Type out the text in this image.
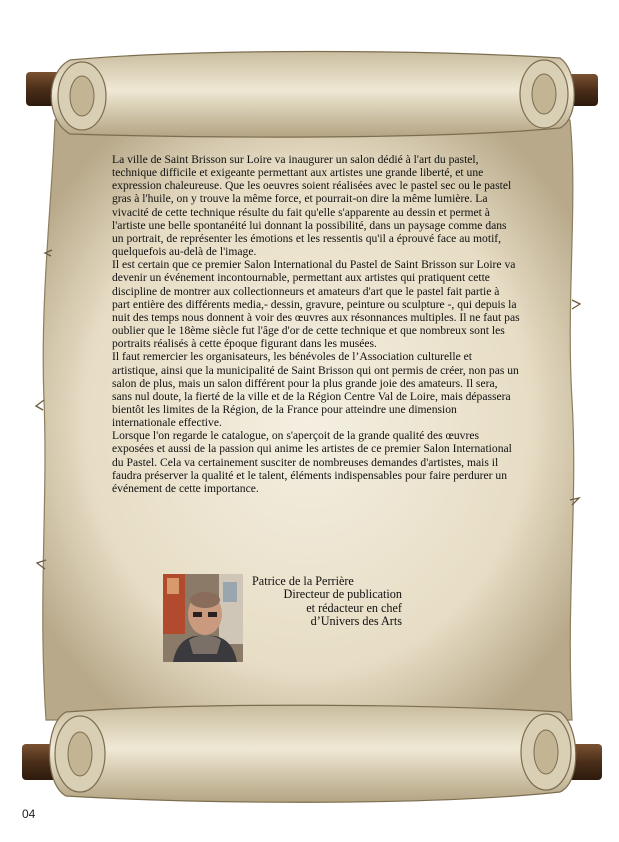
La ville de Saint Brisson sur Loire va inaugurer un salon dédié à l'art du pastel, technique difficile et exigeante permettant aux artistes une grande liberté, et une expression chaleureuse. Que les oeuvres soient réalisées avec le pastel sec ou le pastel gras à l'huile, on y trouve la même force, et pourrait-on dire la même lumière. La vivacité de cette technique résulte du fait qu'elle s'apparente au dessin et permet à l'artiste une belle spontanéité lui donnant la possibilité, dans un paysage comme dans un portrait, de représenter les émotions et les ressentis qu'il a éprouvé face au motif, quelquefois au-delà de l'image.

Il est certain que ce premier Salon International du Pastel de Saint Brisson sur Loire va devenir un événement incontournable, permettant aux artistes qui pratiquent cette discipline de montrer aux collectionneurs et amateurs d'art que le pastel fait partie à part entière des différents media,- dessin, gravure, peinture ou sculpture -, qui depuis la nuit des temps nous donnent à voir des œuvres aux résonnances multiples. Il ne faut pas oublier que le 18ème siècle fut l'âge d'or de cette technique et que nombreux sont les portraits réalisés à cette époque figurant dans les musées.

Il faut remercier les organisateurs, les bénévoles de l’Association culturelle et artistique, ainsi que la municipalité de Saint Brisson qui ont permis de créer, non pas un salon de plus, mais un salon différent pour la plus grande joie des amateurs. Il sera, sans nul doute, la fierté de la ville et de la Région Centre Val de Loire, mais dépassera bientôt les limites de la Région, de la France pour atteindre une dimension internationale effective.

Lorsque l'on regarde le catalogue, on s'aperçoit de la grande qualité des œuvres exposées et aussi de la passion qui anime les artistes de ce premier Salon International du Pastel. Cela va certainement susciter de nombreuses demandes d'artistes, mais il faudra préserver la qualité et le talent, éléments indispensables pour faire perdurer un événement de cette importance.

Patrice de la Perrière
Directeur de publication
et rédacteur en chef
d’Univers des Arts
04
